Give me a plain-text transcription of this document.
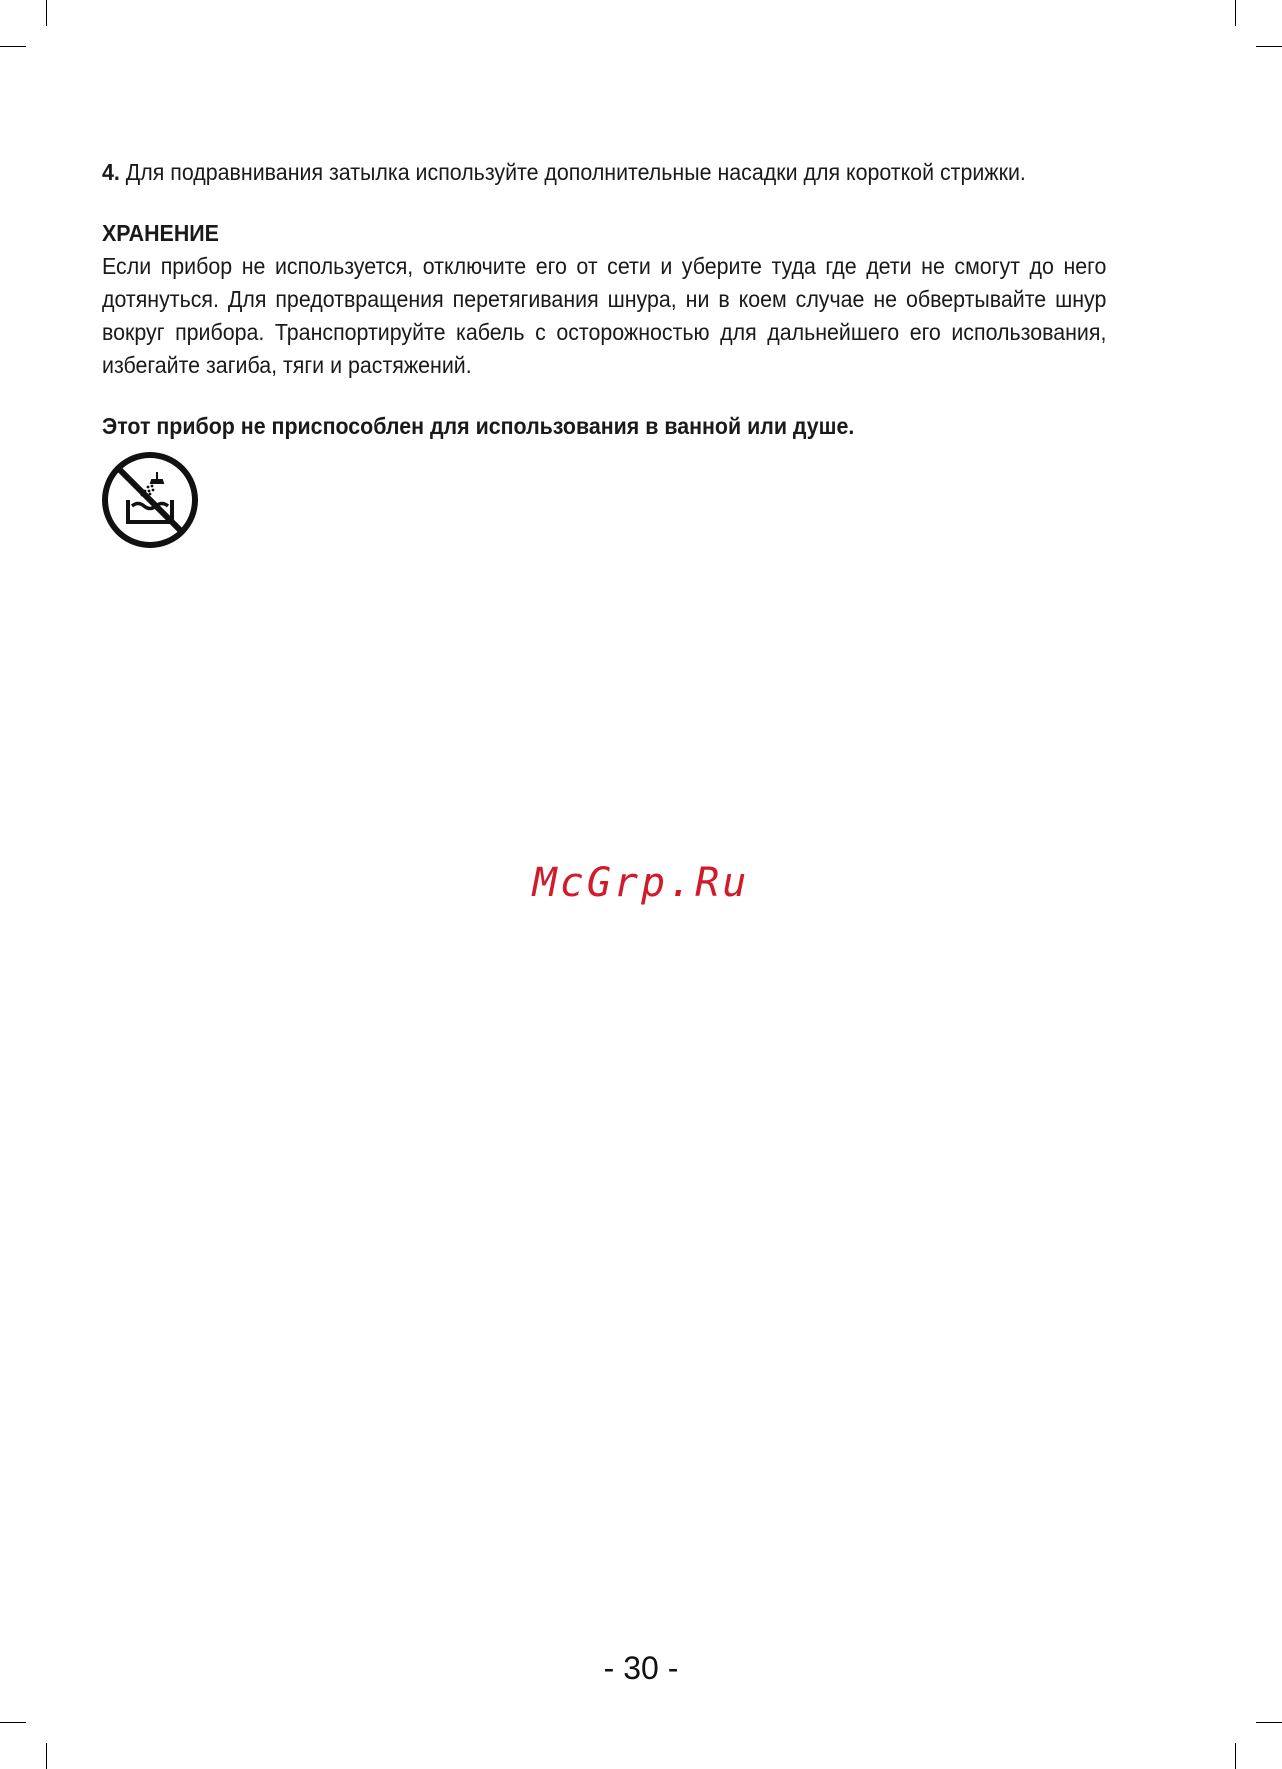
4. Для подравнивания затылка используйте дополнительные насадки для короткой стрижки.

ХРАНЕНИЕ

Если прибор не используется, отключите его от сети и уберите туда где дети не смогут до него дотянуться. Для предотвращения перетягивания шнура, ни в коем случае не обвертывайте шнур вокруг прибора. Транспортируйте кабель с осторожностью для дальнейшего его использования, избегайте загиба, тяги и растяжений.

Этот прибор не приспособлен для использования в ванной или душе.

McGrp.Ru
- 30 -
